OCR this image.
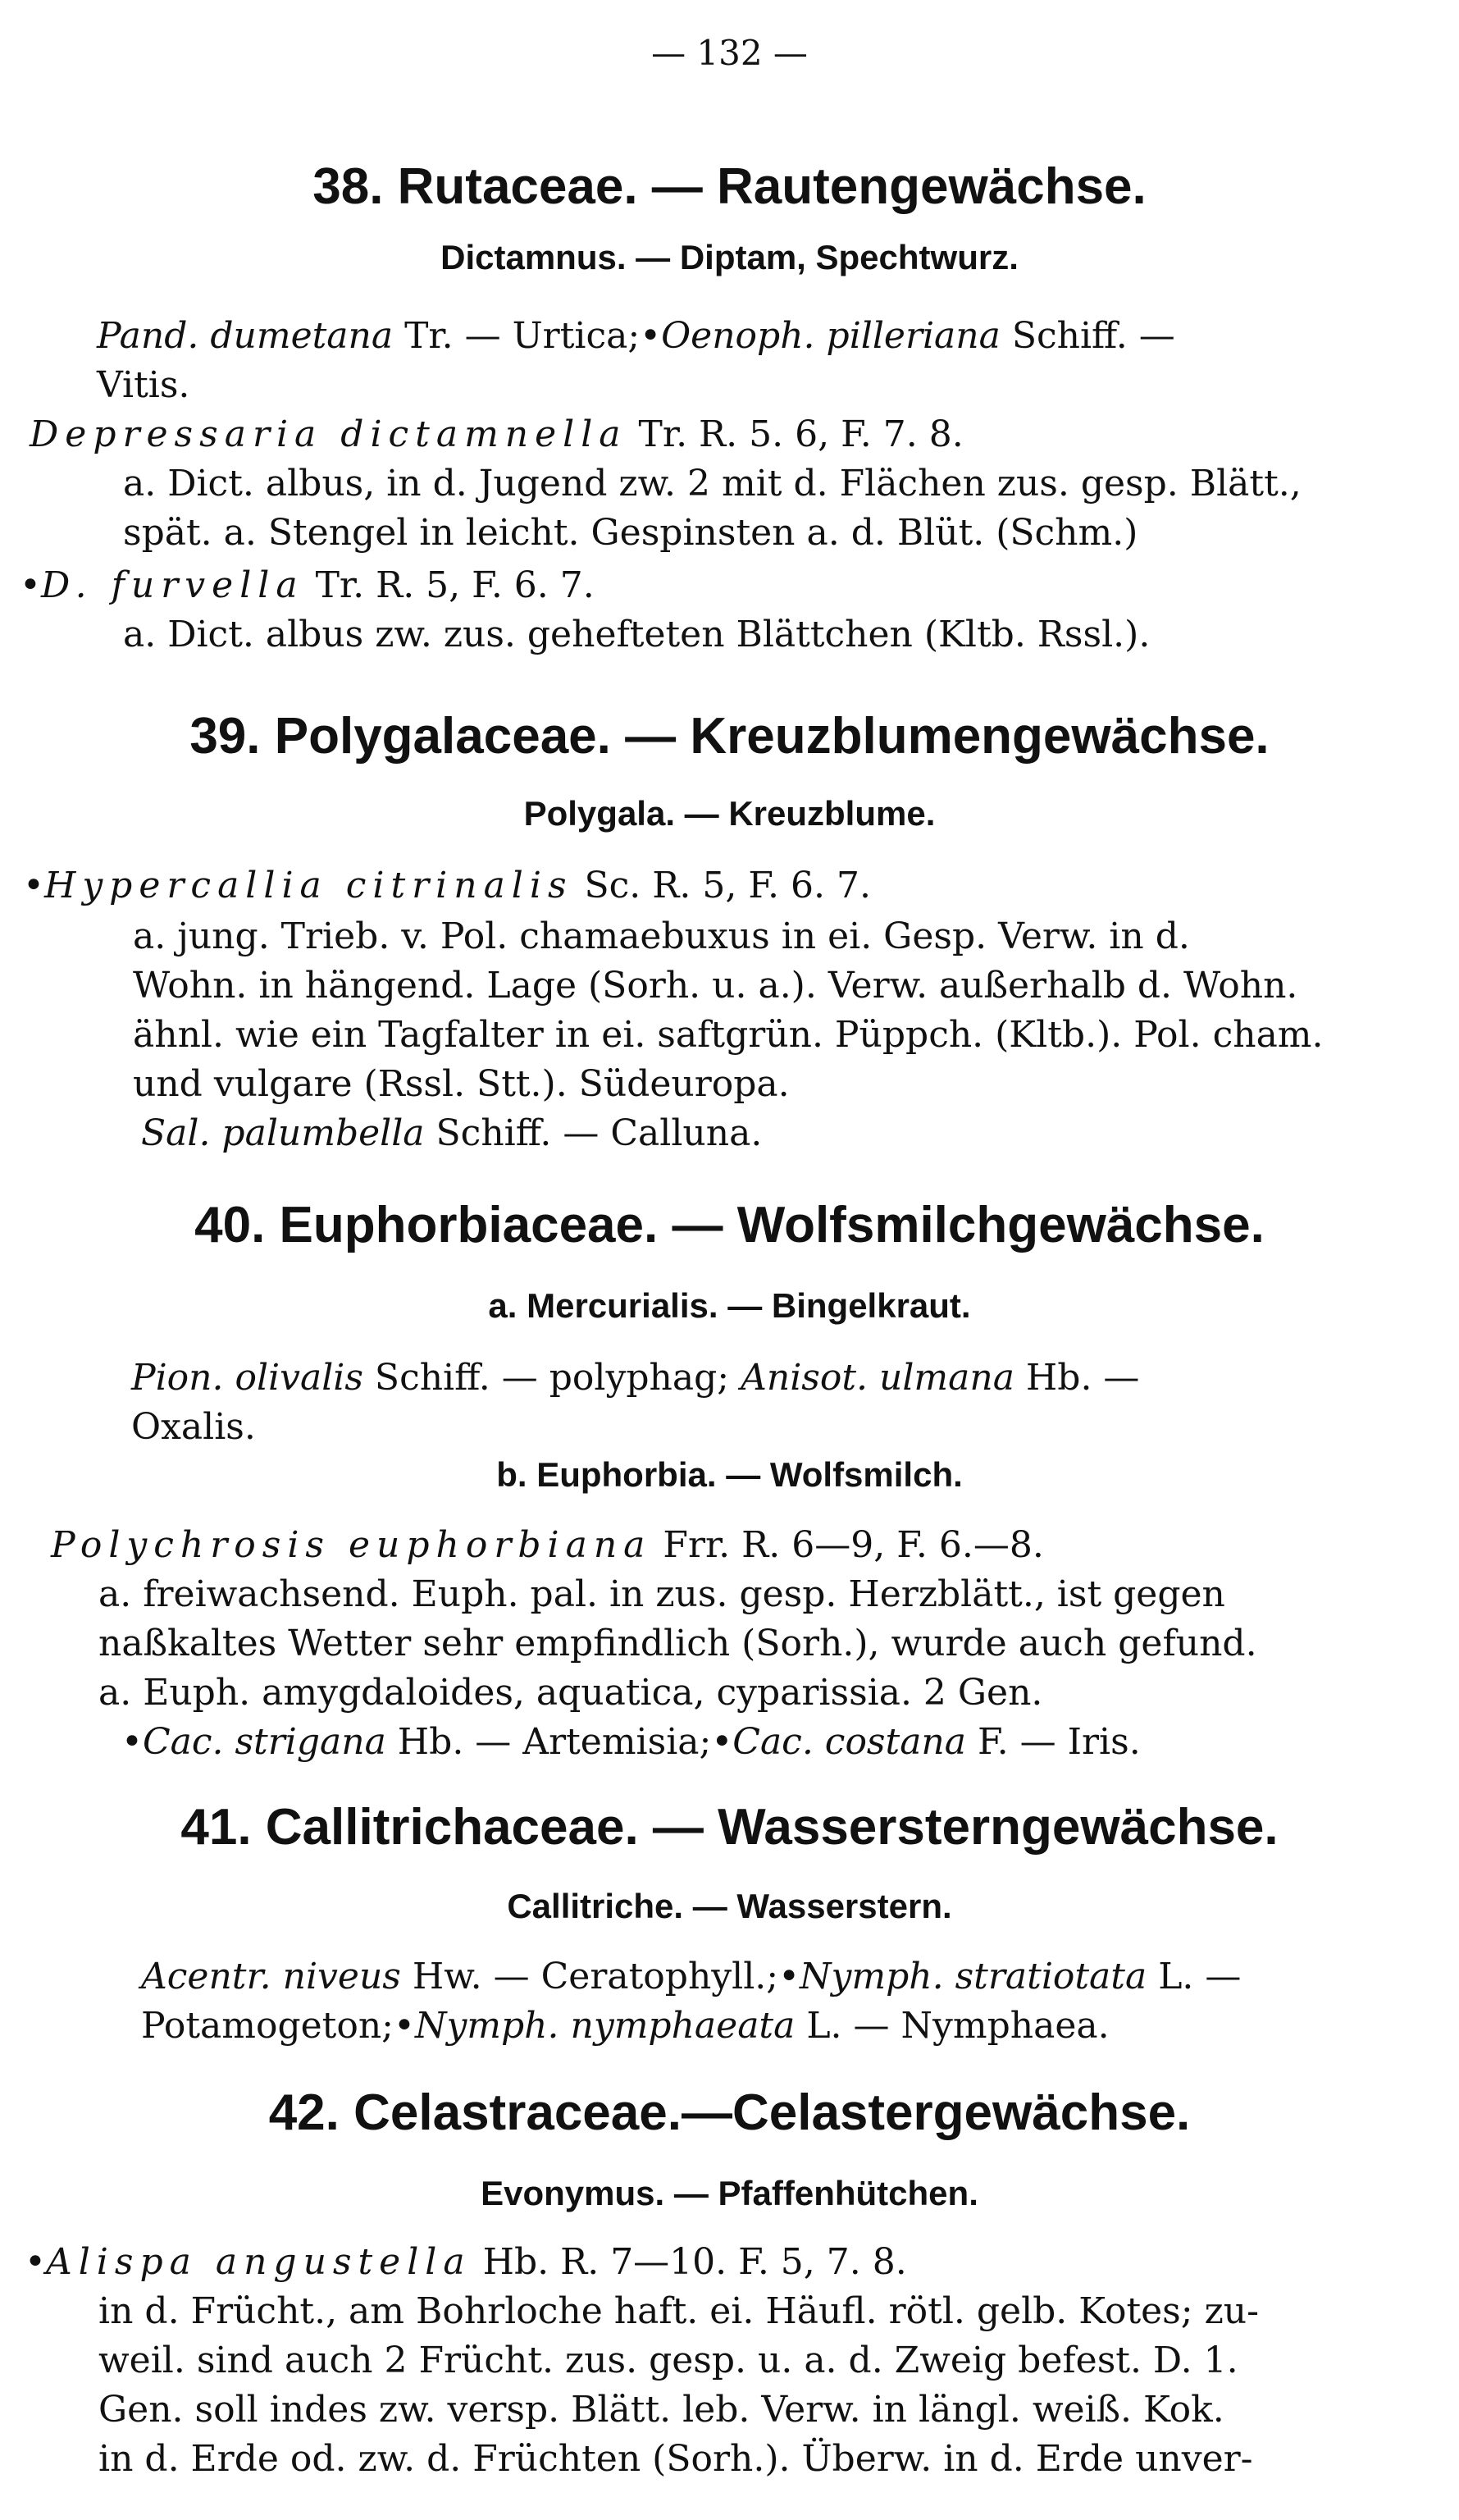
— 132 —
38. Rutaceae. — Rautengewächse.
Dictamnus. — Diptam, Spechtwurz.
Pand. dumetana Tr. — Urtica;•Oenoph. pilleriana Schiff. —
Vitis.
Depressaria dictamnella Tr. R. 5. 6, F. 7. 8.
a. Dict. albus, in d. Jugend zw. 2 mit d. Flächen zus. gesp. Blätt.,
spät. a. Stengel in leicht. Gespinsten a. d. Blüt. (Schm.)
•D. furvella Tr. R. 5, F. 6. 7.
a. Dict. albus zw. zus. gehefteten Blättchen (Kltb. Rssl.).
39. Polygalaceae. — Kreuzblumengewächse.
Polygala. — Kreuzblume.
•Hypercallia citrinalis Sc. R. 5, F. 6. 7.
a. jung. Trieb. v. Pol. chamaebuxus in ei. Gesp. Verw. in d.
Wohn. in hängend. Lage (Sorh. u. a.). Verw. außerhalb d. Wohn.
ähnl. wie ein Tagfalter in ei. saftgrün. Püppch. (Kltb.). Pol. cham.
und vulgare (Rssl. Stt.). Südeuropa.
Sal. palumbella Schiff. — Calluna.
40. Euphorbiaceae. — Wolfsmilchgewächse.
a. Mercurialis. — Bingelkraut.
Pion. olivalis Schiff. — polyphag; Anisot. ulmana Hb. —
Oxalis.
b. Euphorbia. — Wolfsmilch.
Polychrosis euphorbiana Frr. R. 6—9, F. 6.—8.
a. freiwachsend. Euph. pal. in zus. gesp. Herzblätt., ist gegen
naßkaltes Wetter sehr empfindlich (Sorh.), wurde auch gefund.
a. Euph. amygdaloides, aquatica, cyparissia. 2 Gen.
•Cac. strigana Hb. — Artemisia;•Cac. costana F. — Iris.
41. Callitrichaceae. — Wassersterngewächse.
Callitriche. — Wasserstern.
Acentr. niveus Hw. — Ceratophyll.;•Nymph. stratiotata L. —
Potamogeton;•Nymph. nymphaeata L. — Nymphaea.
42. Celastraceae.—Celastergewächse.
Evonymus. — Pfaffenhütchen.
•Alispa angustella Hb. R. 7—10. F. 5, 7. 8.
in d. Frücht., am Bohrloche haft. ei. Häufl. rötl. gelb. Kotes; zu-
weil. sind auch 2 Frücht. zus. gesp. u. a. d. Zweig befest. D. 1.
Gen. soll indes zw. versp. Blätt. leb. Verw. in längl. weiß. Kok.
in d. Erde od. zw. d. Früchten (Sorh.). Überw. in d. Erde unver-
